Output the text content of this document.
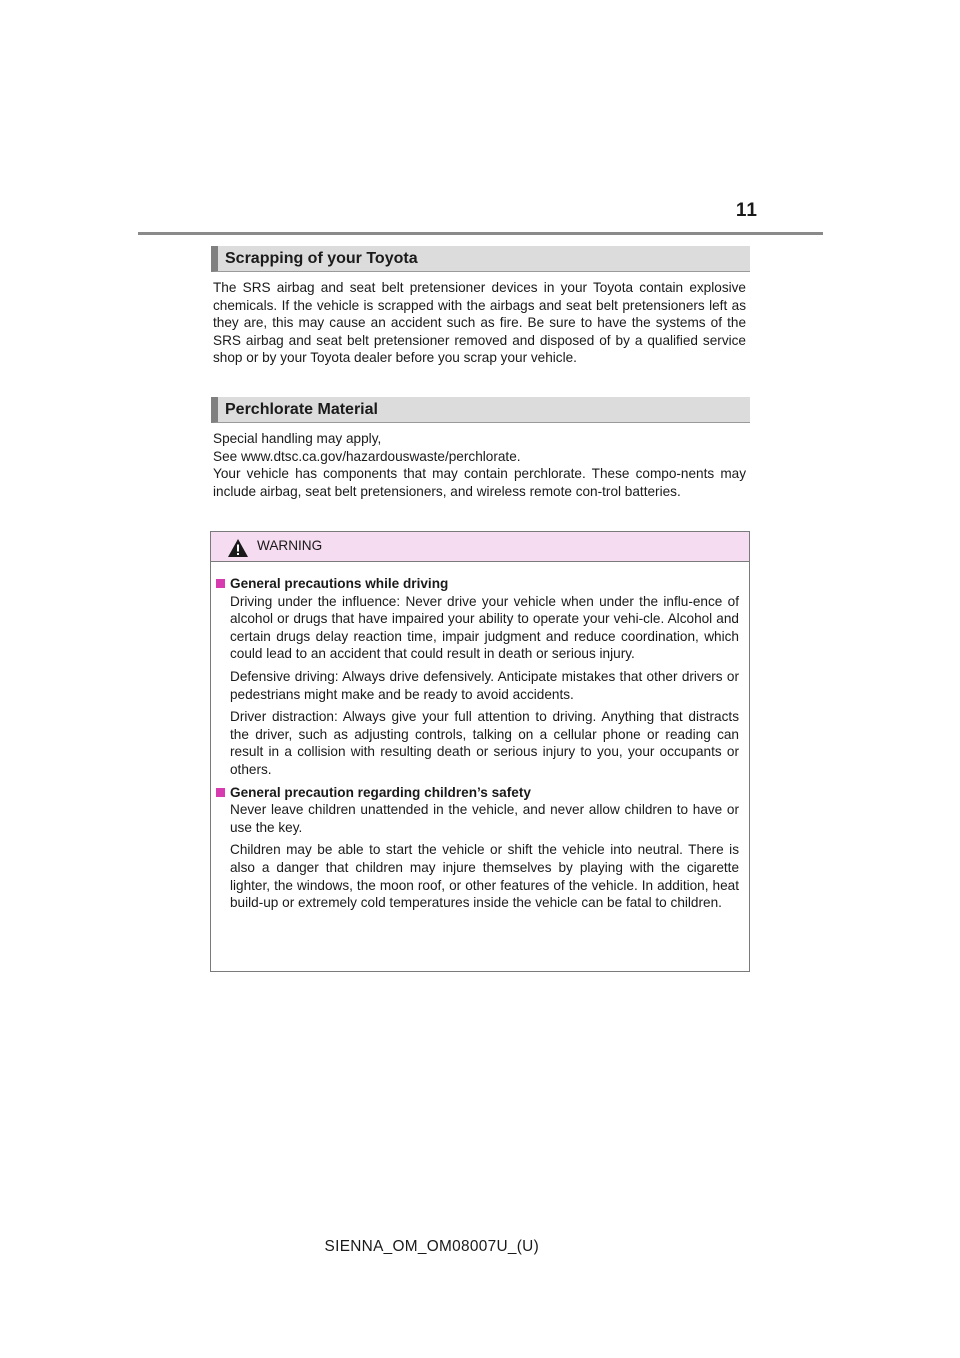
11
Scrapping of your Toyota

The SRS airbag and seat belt pretensioner devices in your Toyota contain explosive chemicals. If the vehicle is scrapped with the airbags and seat belt pretensioners left as they are, this may cause an accident such as fire. Be sure to have the systems of the SRS airbag and seat belt pretensioner removed and disposed of by a qualified service shop or by your Toyota dealer before you scrap your vehicle.

Perchlorate Material

Special handling may apply,

See www.dtsc.ca.gov/hazardouswaste/perchlorate.

Your vehicle has components that may contain perchlorate. These compo-nents may include airbag, seat belt pretensioners, and wireless remote con-trol batteries.

WARNING

General precautions while driving

Driving under the influence: Never drive your vehicle when under the influ-ence of alcohol or drugs that have impaired your ability to operate your vehi-cle. Alcohol and certain drugs delay reaction time, impair judgment and reduce coordination, which could lead to an accident that could result in death or serious injury.

Defensive driving: Always drive defensively. Anticipate mistakes that other drivers or pedestrians might make and be ready to avoid accidents.

Driver distraction: Always give your full attention to driving. Anything that distracts the driver, such as adjusting controls, talking on a cellular phone or reading can result in a collision with resulting death or serious injury to you, your occupants or others.

General precaution regarding children’s safety

Never leave children unattended in the vehicle, and never allow children to have or use the key.

Children may be able to start the vehicle or shift the vehicle into neutral. There is also a danger that children may injure themselves by playing with the cigarette lighter, the windows, the moon roof, or other features of the vehicle. In addition, heat build-up or extremely cold temperatures inside the vehicle can be fatal to children.

SIENNA_OM_OM08007U_(U)
